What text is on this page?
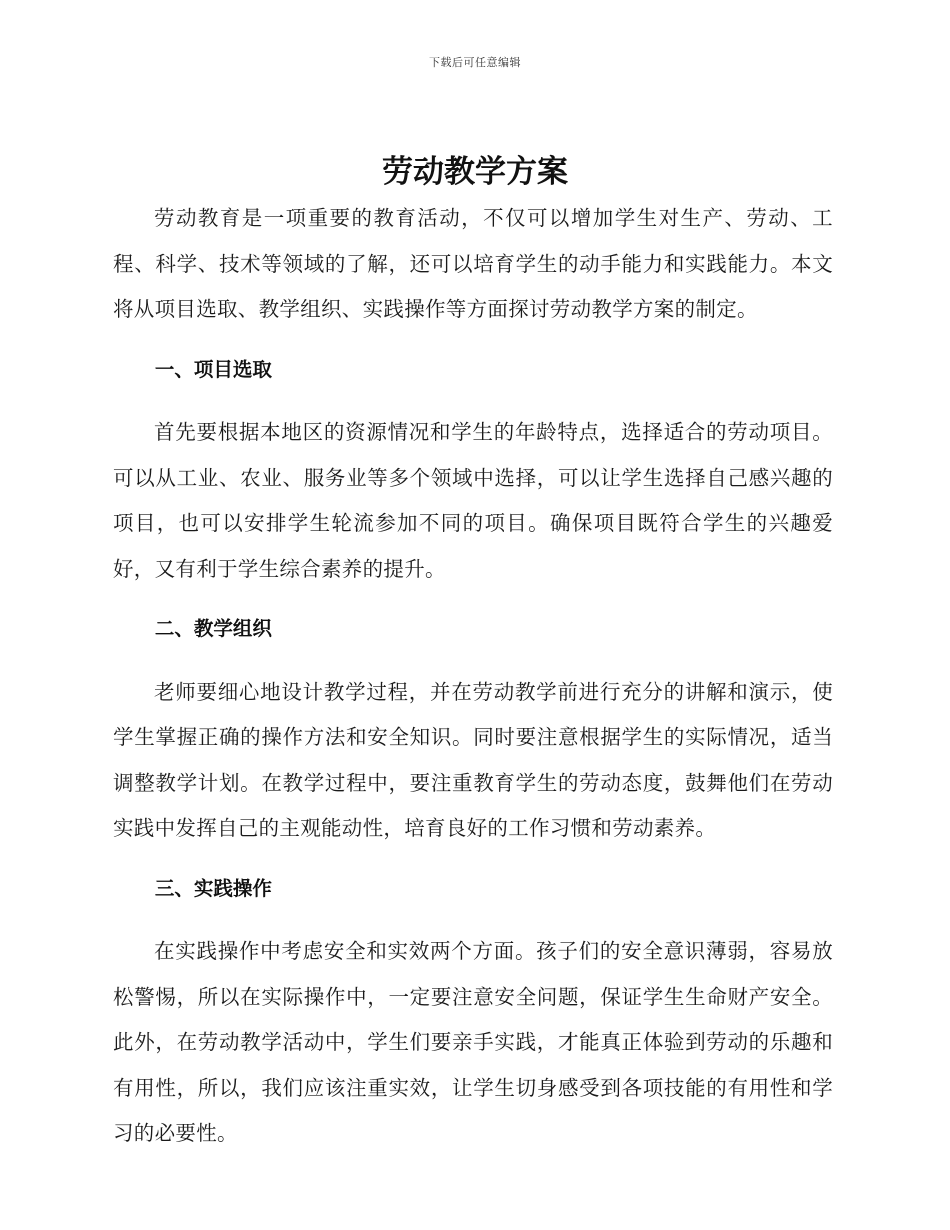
下载后可任意编辑
劳动教学方案

劳动教育是一项重要的教育活动，不仅可以增加学生对生产、劳动、工程、科学、技术等领域的了解，还可以培育学生的动手能力和实践能力。本文将从项目选取、教学组织、实践操作等方面探讨劳动教学方案的制定。

一、项目选取

首先要根据本地区的资源情况和学生的年龄特点，选择适合的劳动项目。可以从工业、农业、服务业等多个领域中选择，可以让学生选择自己感兴趣的项目，也可以安排学生轮流参加不同的项目。确保项目既符合学生的兴趣爱好，又有利于学生综合素养的提升。

二、教学组织

老师要细心地设计教学过程，并在劳动教学前进行充分的讲解和演示，使学生掌握正确的操作方法和安全知识。同时要注意根据学生的实际情况，适当调整教学计划。在教学过程中，要注重教育学生的劳动态度，鼓舞他们在劳动实践中发挥自己的主观能动性，培育良好的工作习惯和劳动素养。

三、实践操作

在实践操作中考虑安全和实效两个方面。孩子们的安全意识薄弱，容易放松警惕，所以在实际操作中，一定要注意安全问题，保证学生生命财产安全。此外，在劳动教学活动中，学生们要亲手实践，才能真正体验到劳动的乐趣和有用性，所以，我们应该注重实效，让学生切身感受到各项技能的有用性和学习的必要性。
